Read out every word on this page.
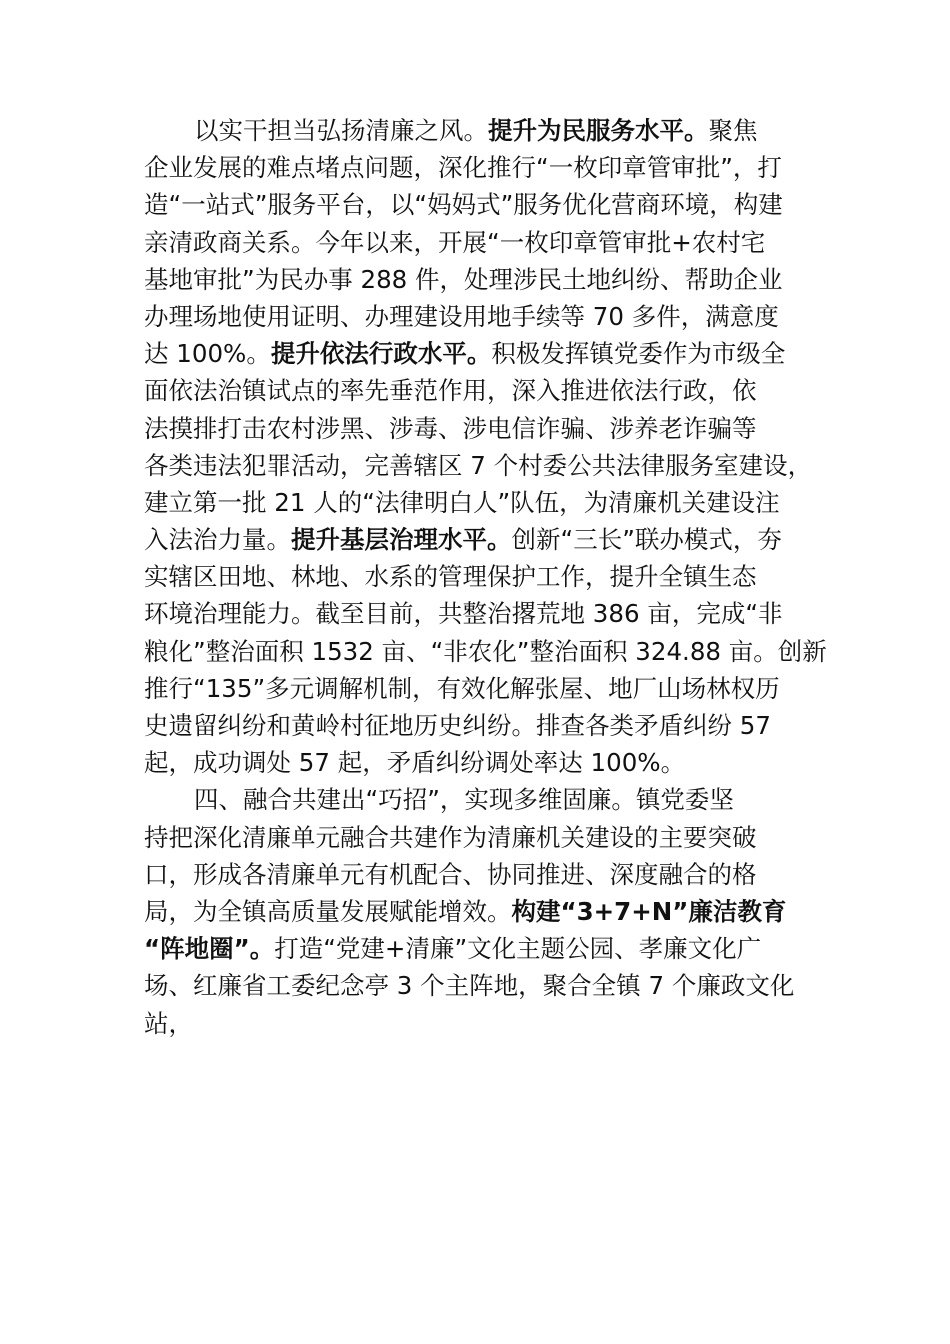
以实干担当弘扬清廉之风。提升为民服务水平。聚焦
企业发展的难点堵点问题，深化推行“一枚印章管审批”，打
造“一站式”服务平台，以“妈妈式”服务优化营商环境，构建
亲清政商关系。今年以来，开展“一枚印章管审批+农村宅
基地审批”为民办事 288 件，处理涉民土地纠纷、帮助企业
办理场地使用证明、办理建设用地手续等 70 多件，满意度
达 100%。提升依法行政水平。积极发挥镇党委作为市级全
面依法治镇试点的率先垂范作用，深入推进依法行政，依
法摸排打击农村涉黑、涉毒、涉电信诈骗、涉养老诈骗等
各类违法犯罪活动，完善辖区 7 个村委公共法律服务室建设，
建立第一批 21 人的“法律明白人”队伍，为清廉机关建设注
入法治力量。提升基层治理水平。创新“三长”联办模式，夯
实辖区田地、林地、水系的管理保护工作，提升全镇生态
环境治理能力。截至目前，共整治撂荒地 386 亩，完成“非
粮化”整治面积 1532 亩、“非农化”整治面积 324.88 亩。创新
推行“135”多元调解机制，有效化解张屋、地厂山场林权历
史遗留纠纷和黄岭村征地历史纠纷。排查各类矛盾纠纷 57
起，成功调处 57 起，矛盾纠纷调处率达 100%。
四、融合共建出“巧招”，实现多维固廉。镇党委坚
持把深化清廉单元融合共建作为清廉机关建设的主要突破
口，形成各清廉单元有机配合、协同推进、深度融合的格
局，为全镇高质量发展赋能增效。构建“3+7+N”廉洁教育
“阵地圈”。打造“党建+清廉”文化主题公园、孝廉文化广
场、红廉省工委纪念亭 3 个主阵地，聚合全镇 7 个廉政文化
站，
